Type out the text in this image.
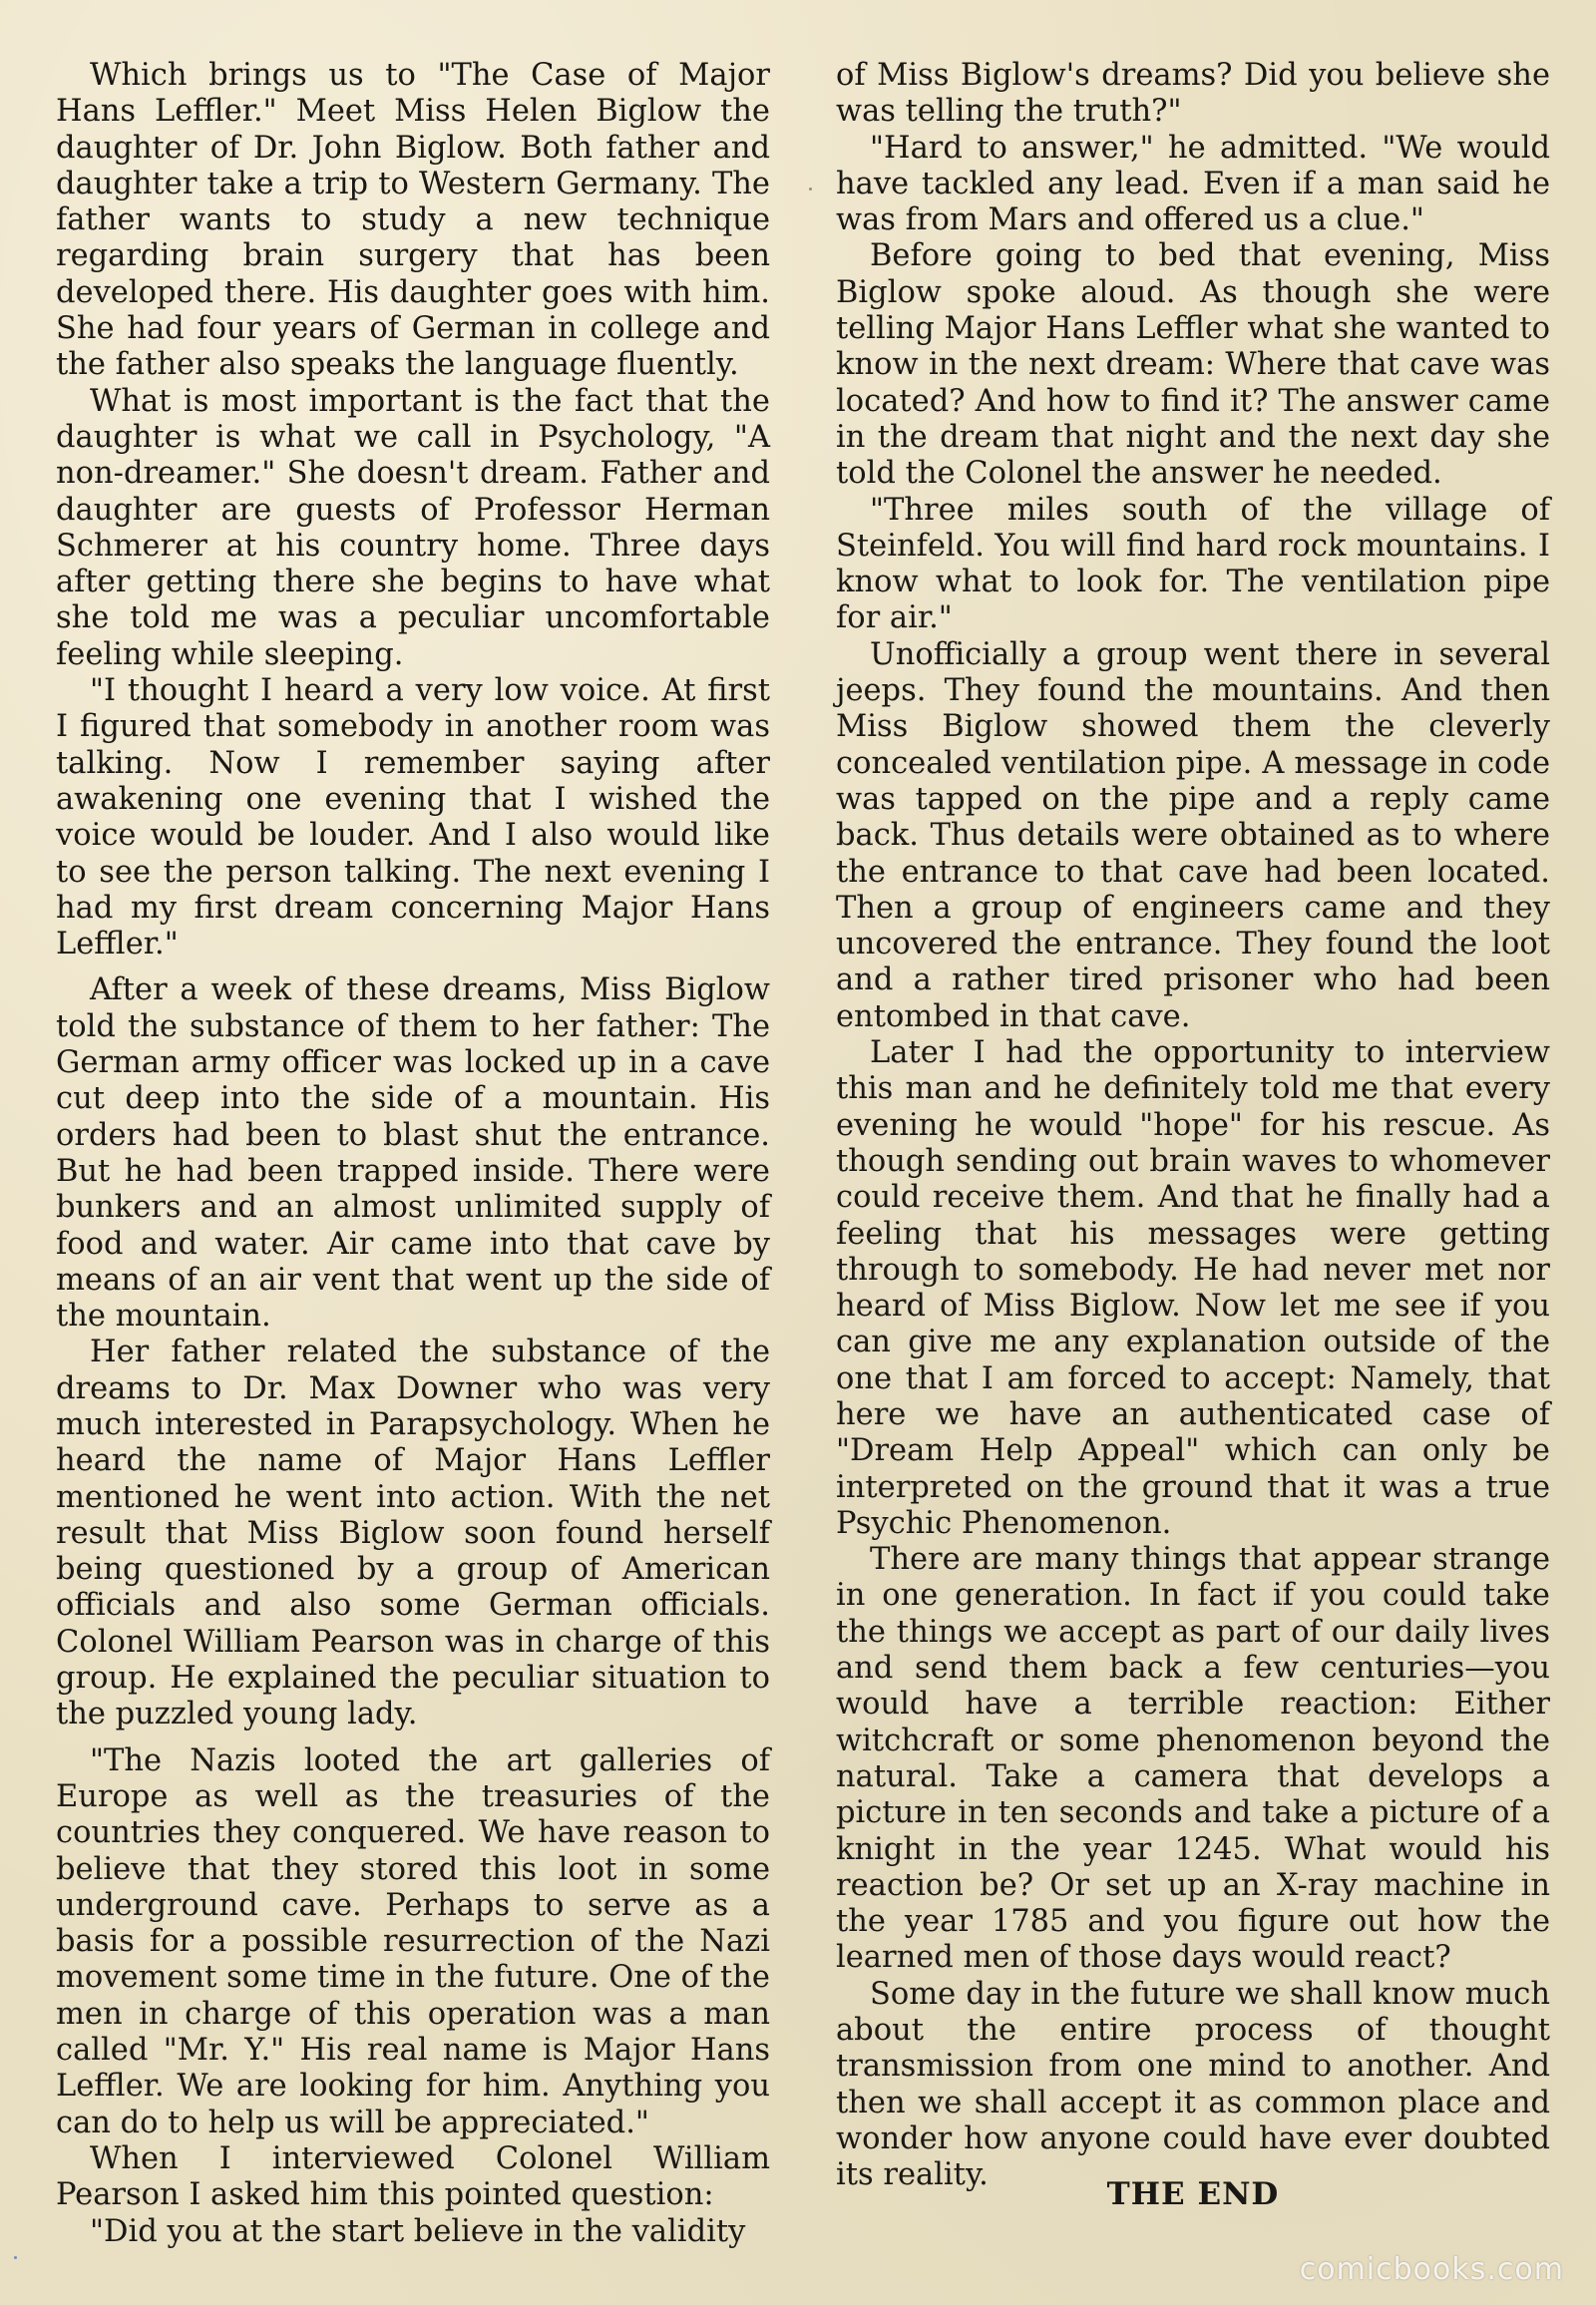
Which brings us to "The Case of Major Hans Leffler." Meet Miss Helen Biglow the daughter of Dr. John Biglow. Both father and daughter take a trip to Western Germany. The father wants to study a new technique regarding brain surgery that has been developed there. His daughter goes with him. She had four years of German in college and the father also speaks the language fluently.

What is most important is the fact that the daughter is what we call in Psychology, "A non-dreamer." She doesn't dream. Father and daughter are guests of Professor Herman Schmerer at his country home. Three days after getting there she begins to have what she told me was a peculiar uncomfortable feeling while sleeping.

"I thought I heard a very low voice. At first I figured that somebody in another room was talking. Now I remember saying after awakening one evening that I wished the voice would be louder. And I also would like to see the person talking. The next evening I had my first dream concerning Major Hans Leffler."

After a week of these dreams, Miss Biglow told the substance of them to her father: The German army officer was locked up in a cave cut deep into the side of a mountain. His orders had been to blast shut the entrance. But he had been trapped inside. There were bunkers and an almost unlimited supply of food and water. Air came into that cave by means of an air vent that went up the side of the mountain.

Her father related the substance of the dreams to Dr. Max Downer who was very much interested in Parapsychology. When he heard the name of Major Hans Leffler mentioned he went into action. With the net result that Miss Biglow soon found herself being questioned by a group of American officials and also some German officials. Colonel William Pearson was in charge of this group. He explained the peculiar situation to the puzzled young lady.

"The Nazis looted the art galleries of Europe as well as the treasuries of the countries they conquered. We have reason to believe that they stored this loot in some underground cave. Perhaps to serve as a basis for a possible resurrection of the Nazi movement some time in the future. One of the men in charge of this operation was a man called "Mr. Y." His real name is Major Hans Leffler. We are looking for him. Anything you can do to help us will be appreciated."

When I interviewed Colonel William Pearson I asked him this pointed question:

"Did you at the start believe in the validity

of Miss Biglow's dreams? Did you believe she was telling the truth?"

"Hard to answer," he admitted. "We would have tackled any lead. Even if a man said he was from Mars and offered us a clue."

Before going to bed that evening, Miss Biglow spoke aloud. As though she were telling Major Hans Leffler what she wanted to know in the next dream: Where that cave was located? And how to find it? The answer came in the dream that night and the next day she told the Colonel the answer he needed.

"Three miles south of the village of Steinfeld. You will find hard rock mountains. I know what to look for. The ventilation pipe for air."

Unofficially a group went there in several jeeps. They found the mountains. And then Miss Biglow showed them the cleverly concealed ventilation pipe. A message in code was tapped on the pipe and a reply came back. Thus details were obtained as to where the entrance to that cave had been located. Then a group of engineers came and they uncovered the entrance. They found the loot and a rather tired prisoner who had been entombed in that cave.

Later I had the opportunity to interview this man and he definitely told me that every evening he would "hope" for his rescue. As though sending out brain waves to whomever could receive them. And that he finally had a feeling that his messages were getting through to somebody. He had never met nor heard of Miss Biglow. Now let me see if you can give me any explanation outside of the one that I am forced to accept: Namely, that here we have an authenticated case of "Dream Help Appeal" which can only be interpreted on the ground that it was a true Psychic Phenomenon.

There are many things that appear strange in one generation. In fact if you could take the things we accept as part of our daily lives and send them back a few centuries—you would have a terrible reaction: Either witchcraft or some phenomenon beyond the natural. Take a camera that develops a picture in ten seconds and take a picture of a knight in the year 1245. What would his reaction be? Or set up an X-ray machine in the year 1785 and you figure out how the learned men of those days would react?

Some day in the future we shall know much about the entire process of thought transmission from one mind to another. And then we shall accept it as common place and wonder how anyone could have ever doubted its reality.

THE END
comicbooks.com
